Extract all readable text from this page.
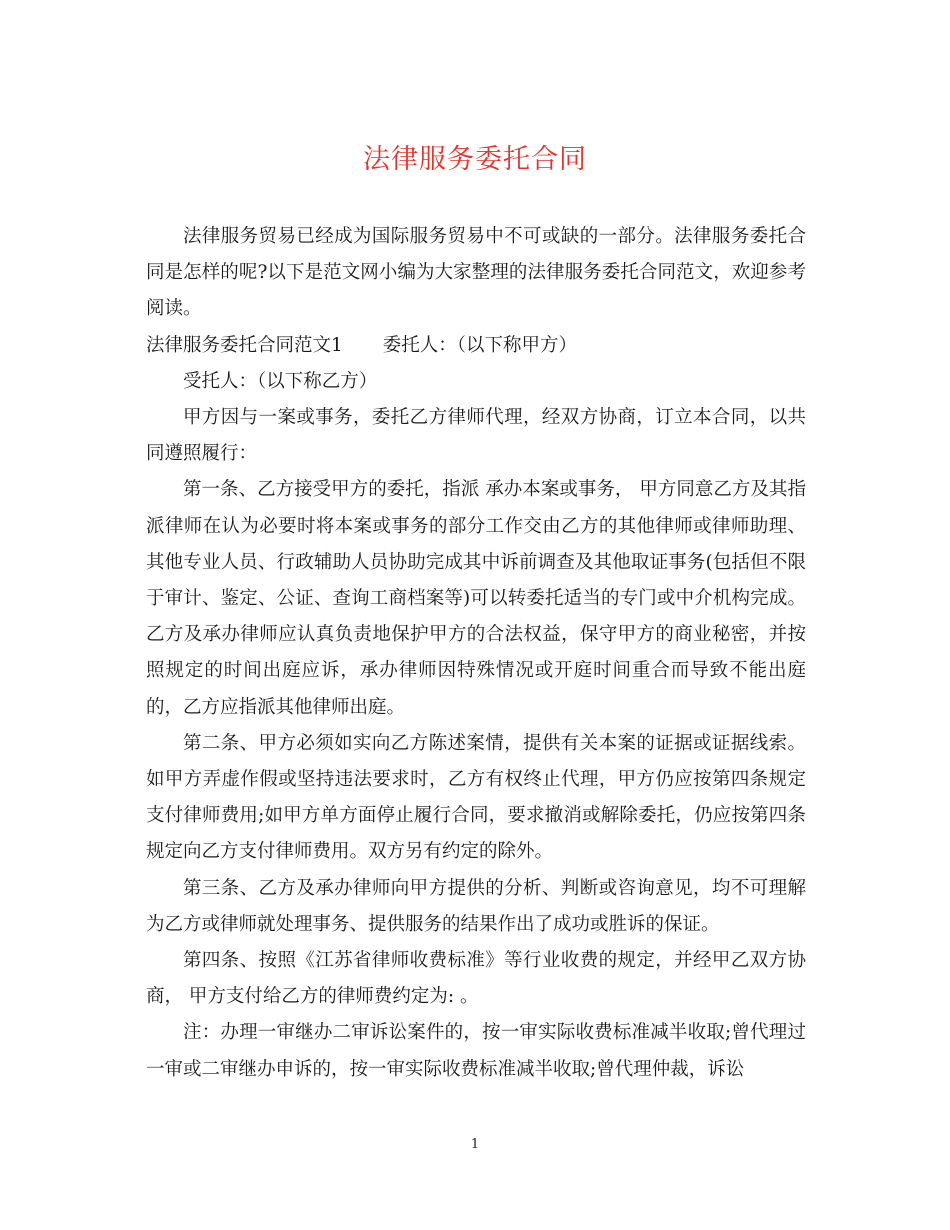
法律服务委托合同

法律服务贸易已经成为国际服务贸易中不可或缺的一部分。法律服务委托合同是怎样的呢?以下是范文网小编为大家整理的法律服务委托合同范文，欢迎参考阅读。

法律服务委托合同范文1 委托人：（以下称甲方）

受托人：（以下称乙方）

甲方因与一案或事务，委托乙方律师代理，经双方协商，订立本合同，以共同遵照履行：

第一条、乙方接受甲方的委托，指派 承办本案或事务， 甲方同意乙方及其指派律师在认为必要时将本案或事务的部分工作交由乙方的其他律师或律师助理、其他专业人员、行政辅助人员协助完成其中诉前调查及其他取证事务(包括但不限于审计、鉴定、公证、查询工商档案等)可以转委托适当的专门或中介机构完成。乙方及承办律师应认真负责地保护甲方的合法权益，保守甲方的商业秘密，并按照规定的时间出庭应诉，承办律师因特殊情况或开庭时间重合而导致不能出庭的，乙方应指派其他律师出庭。

第二条、甲方必须如实向乙方陈述案情，提供有关本案的证据或证据线索。如甲方弄虚作假或坚持违法要求时，乙方有权终止代理，甲方仍应按第四条规定支付律师费用;如甲方单方面停止履行合同，要求撤消或解除委托，仍应按第四条规定向乙方支付律师费用。双方另有约定的除外。

第三条、乙方及承办律师向甲方提供的分析、判断或咨询意见，均不可理解为乙方或律师就处理事务、提供服务的结果作出了成功或胜诉的保证。

第四条、按照《江苏省律师收费标准》等行业收费的规定，并经甲乙双方协商， 甲方支付给乙方的律师费约定为: 。

注：办理一审继办二审诉讼案件的，按一审实际收费标准减半收取;曾代理过一审或二审继办申诉的，按一审实际收费标准减半收取;曾代理仲裁，诉讼

1
